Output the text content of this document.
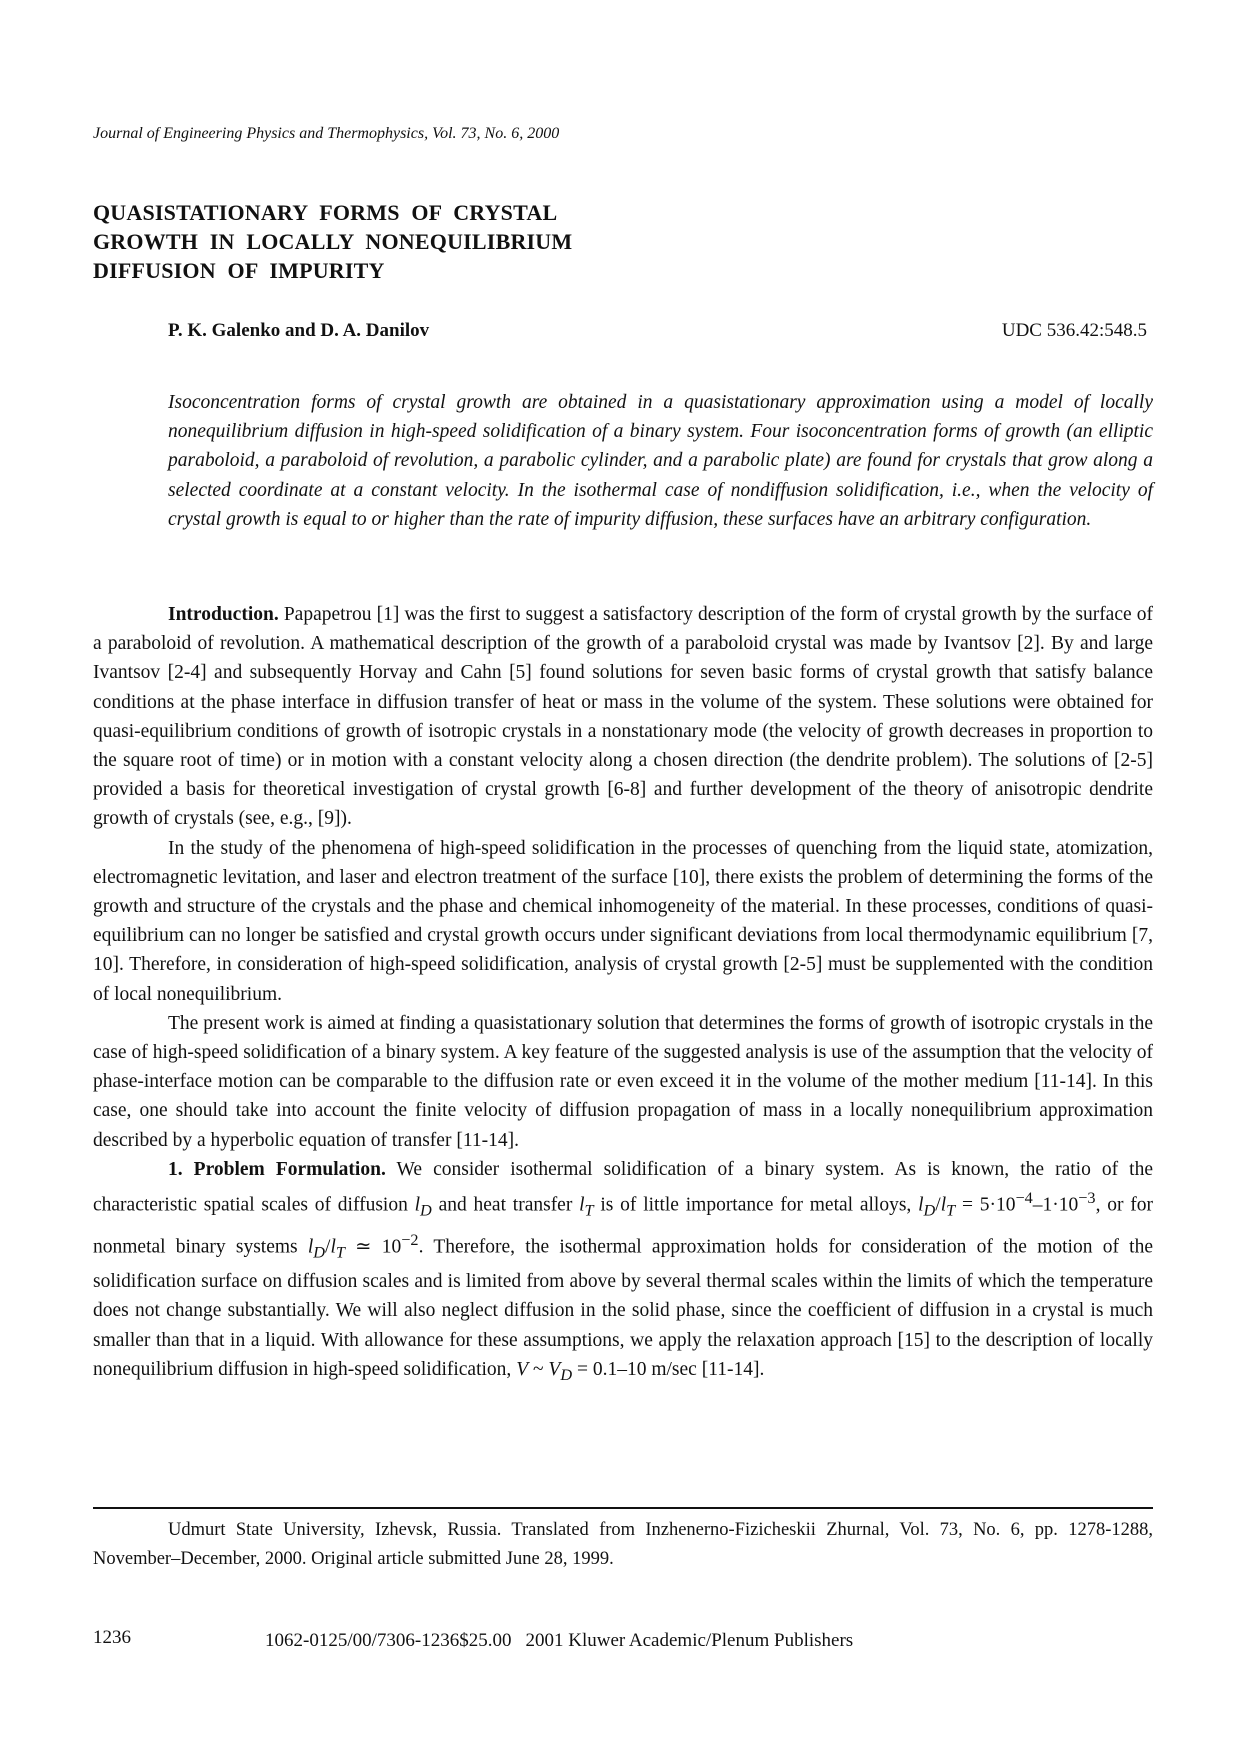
Journal of Engineering Physics and Thermophysics, Vol. 73, No. 6, 2000
QUASISTATIONARY FORMS OF CRYSTAL GROWTH IN LOCALLY NONEQUILIBRIUM DIFFUSION OF IMPURITY
P. K. Galenko and D. A. Danilov	UDC 536.42:548.5

Isoconcentration forms of crystal growth are obtained in a quasistationary approximation using a model of locally nonequilibrium diffusion in high-speed solidification of a binary system. Four isoconcentration forms of growth (an elliptic paraboloid, a paraboloid of revolution, a parabolic cylinder, and a parabolic plate) are found for crystals that grow along a selected coordinate at a constant velocity. In the isothermal case of nondiffusion solidification, i.e., when the velocity of crystal growth is equal to or higher than the rate of impurity diffusion, these surfaces have an arbitrary configuration.

Introduction. Papapetrou [1] was the first to suggest a satisfactory description of the form of crystal growth by the surface of a paraboloid of revolution. A mathematical description of the growth of a paraboloid crystal was made by Ivantsov [2]. By and large Ivantsov [2-4] and subsequently Horvay and Cahn [5] found solutions for seven basic forms of crystal growth that satisfy balance conditions at the phase interface in diffusion transfer of heat or mass in the volume of the system. These solutions were obtained for quasi-equilibrium conditions of growth of isotropic crystals in a nonstationary mode (the velocity of growth decreases in proportion to the square root of time) or in motion with a constant velocity along a chosen direction (the dendrite problem). The solutions of [2-5] provided a basis for theoretical investigation of crystal growth [6-8] and further development of the theory of anisotropic dendrite growth of crystals (see, e.g., [9]).

In the study of the phenomena of high-speed solidification in the processes of quenching from the liquid state, atomization, electromagnetic levitation, and laser and electron treatment of the surface [10], there exists the problem of determining the forms of the growth and structure of the crystals and the phase and chemical inhomogeneity of the material. In these processes, conditions of quasi-equilibrium can no longer be satisfied and crystal growth occurs under significant deviations from local thermodynamic equilibrium [7, 10]. Therefore, in consideration of high-speed solidification, analysis of crystal growth [2-5] must be supplemented with the condition of local nonequilibrium.

The present work is aimed at finding a quasistationary solution that determines the forms of growth of isotropic crystals in the case of high-speed solidification of a binary system. A key feature of the suggested analysis is use of the assumption that the velocity of phase-interface motion can be comparable to the diffusion rate or even exceed it in the volume of the mother medium [11-14]. In this case, one should take into account the finite velocity of diffusion propagation of mass in a locally nonequilibrium approximation described by a hyperbolic equation of transfer [11-14].

1. Problem Formulation. We consider isothermal solidification of a binary system. As is known, the ratio of the characteristic spatial scales of diffusion $l_D$ and heat transfer $l_T$ is of little importance for metal alloys, $l_D/l_T = 5\cdot 10^{-4}-1\cdot 10^{-3}$, or for nonmetal binary systems $l_D/l_T$ ≃ $10^{-2}$. Therefore, the isothermal approximation holds for consideration of the motion of the solidification surface on diffusion scales and is limited from above by several thermal scales within the limits of which the temperature does not change substantially. We will also neglect diffusion in the solid phase, since the coefficient of diffusion in a crystal is much smaller than that in a liquid. With allowance for these assumptions, we apply the relaxation approach [15] to the description of locally nonequilibrium diffusion in high-speed solidification, V ~ $V_D = 0.1-10$ m/sec [11-14].

Udmurt State University, Izhevsk, Russia. Translated from Inzhenerno-Fizicheskii Zhurnal, Vol. 73, No. 6, pp. 1278-1288, November–December, 2000. Original article submitted June 28, 1999.

1236	1062-0125/00/7306-1236$25.00 2001 Kluwer Academic/Plenum Publishers
